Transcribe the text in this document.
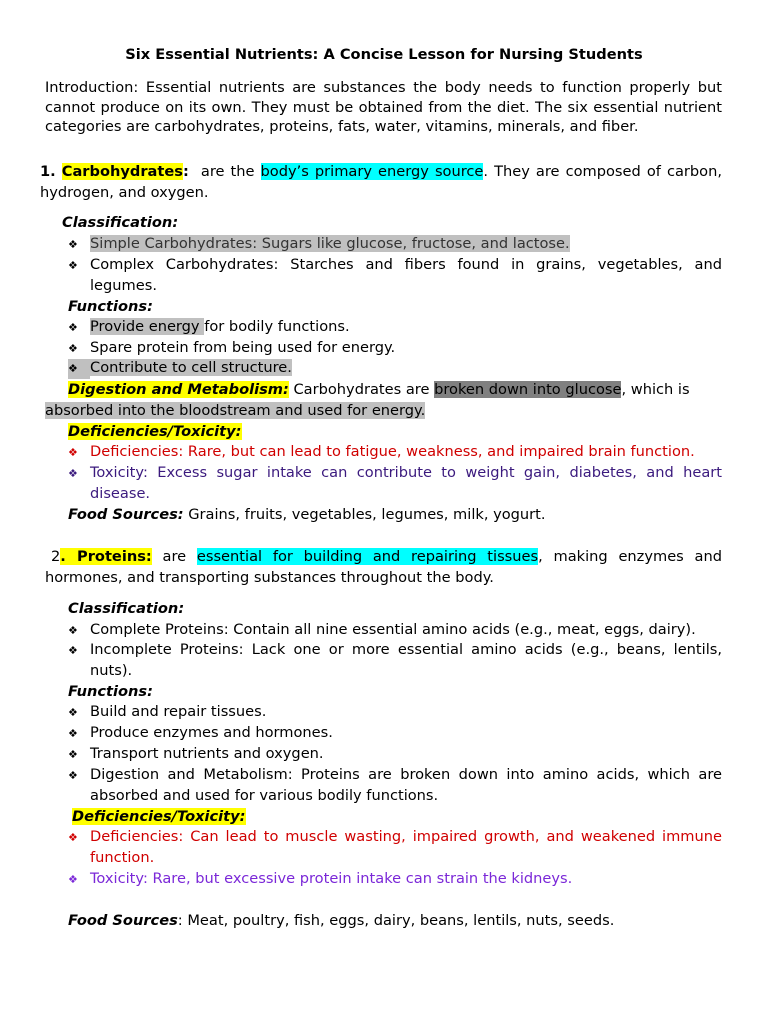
Six Essential Nutrients: A Concise Lesson for Nursing Students
Introduction: Essential nutrients are substances the body needs to function properly but cannot produce on its own. They must be obtained from the diet. The six essential nutrient categories are carbohydrates, proteins, fats, water, vitamins, minerals, and fiber.
1. Carbohydrates:  are the body’s primary energy source. They are composed of carbon, hydrogen, and oxygen.
Classification:
❖ Simple Carbohydrates: Sugars like glucose, fructose, and lactose.
❖ Complex Carbohydrates: Starches and fibers found in grains, vegetables, and legumes.
Functions:
❖ Provide energy for bodily functions.
❖ Spare protein from being used for energy.
❖ Contribute to cell structure.
Digestion and Metabolism: Carbohydrates are broken down into glucose, which is
absorbed into the bloodstream and used for energy.
Deficiencies/Toxicity:
❖ Deficiencies: Rare, but can lead to fatigue, weakness, and impaired brain function.
❖ Toxicity: Excess sugar intake can contribute to weight gain, diabetes, and heart disease.
Food Sources: Grains, fruits, vegetables, legumes, milk, yogurt.
2. Proteins: are essential for building and repairing tissues, making enzymes and hormones, and transporting substances throughout the body.
Classification:
❖ Complete Proteins: Contain all nine essential amino acids (e.g., meat, eggs, dairy).
❖ Incomplete Proteins: Lack one or more essential amino acids (e.g., beans, lentils, nuts).
Functions:
❖ Build and repair tissues.
❖ Produce enzymes and hormones.
❖ Transport nutrients and oxygen.
❖ Digestion and Metabolism: Proteins are broken down into amino acids, which are absorbed and used for various bodily functions.
Deficiencies/Toxicity:
❖ Deficiencies: Can lead to muscle wasting, impaired growth, and weakened immune function.
❖ Toxicity: Rare, but excessive protein intake can strain the kidneys.
Food Sources: Meat, poultry, fish, eggs, dairy, beans, lentils, nuts, seeds.
